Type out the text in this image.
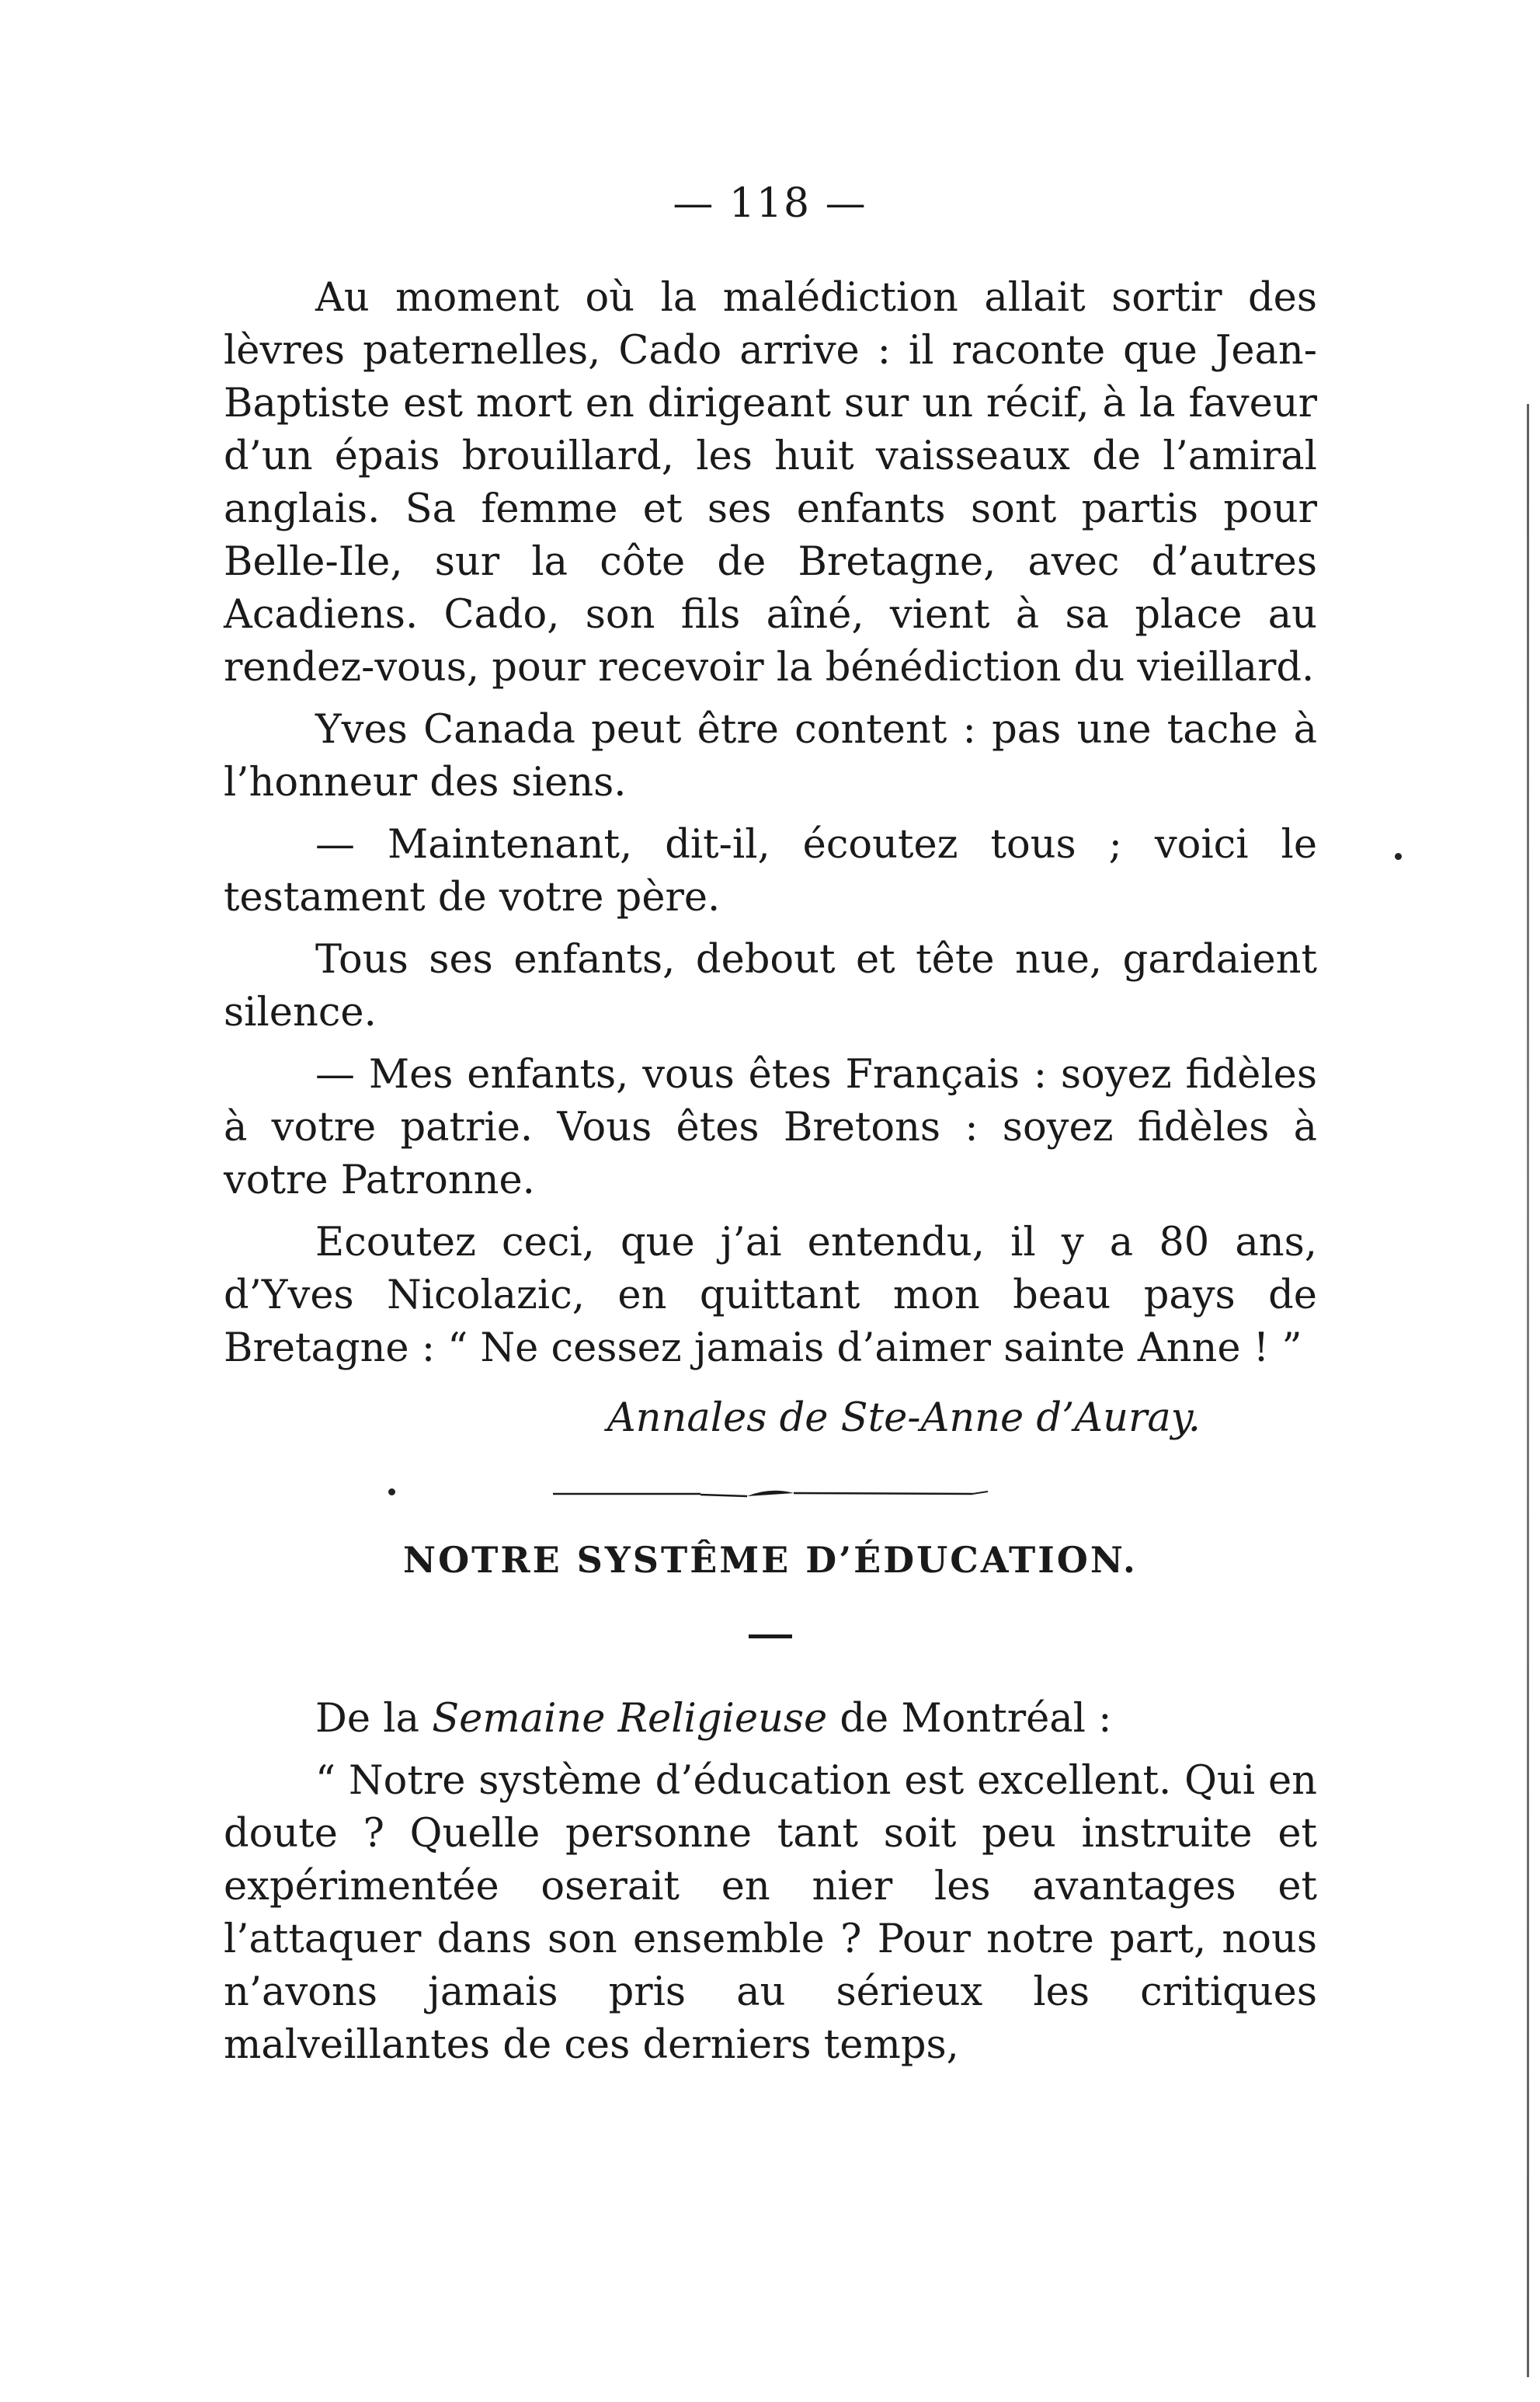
— 118 —

Au moment où la malédiction allait sortir des lèvres paternelles, Cado arrive : il raconte que Jean-Baptiste est mort en dirigeant sur un récif, à la faveur d’un épais brouillard, les huit vaisseaux de l’amiral anglais. Sa femme et ses enfants sont partis pour Belle-Ile, sur la côte de Bretagne, avec d’autres Acadiens. Cado, son fils aîné, vient à sa place au rendez-vous, pour recevoir la bénédiction du vieillard.

Yves Canada peut être content : pas une tache à l’honneur des siens.

— Maintenant, dit-il, écoutez tous ; voici le testament de votre père.

Tous ses enfants, debout et tête nue, gardaient silence.

— Mes enfants, vous êtes Français : soyez fidèles à votre patrie. Vous êtes Bretons : soyez fidèles à votre Patronne.

Ecoutez ceci, que j’ai entendu, il y a 80 ans, d’Yves Nicolazic, en quittant mon beau pays de Bretagne : “ Ne cessez jamais d’aimer sainte Anne ! ”

Annales de Ste-Anne d’Auray.

NOTRE SYSTÊME D’ÉDUCATION.

De la Semaine Religieuse de Montréal :

“ Notre système d’éducation est excellent. Qui en doute ? Quelle personne tant soit peu instruite et expérimentée oserait en nier les avantages et l’attaquer dans son ensemble ? Pour notre part, nous n’avons jamais pris au sérieux les critiques malveillantes de ces derniers temps,
